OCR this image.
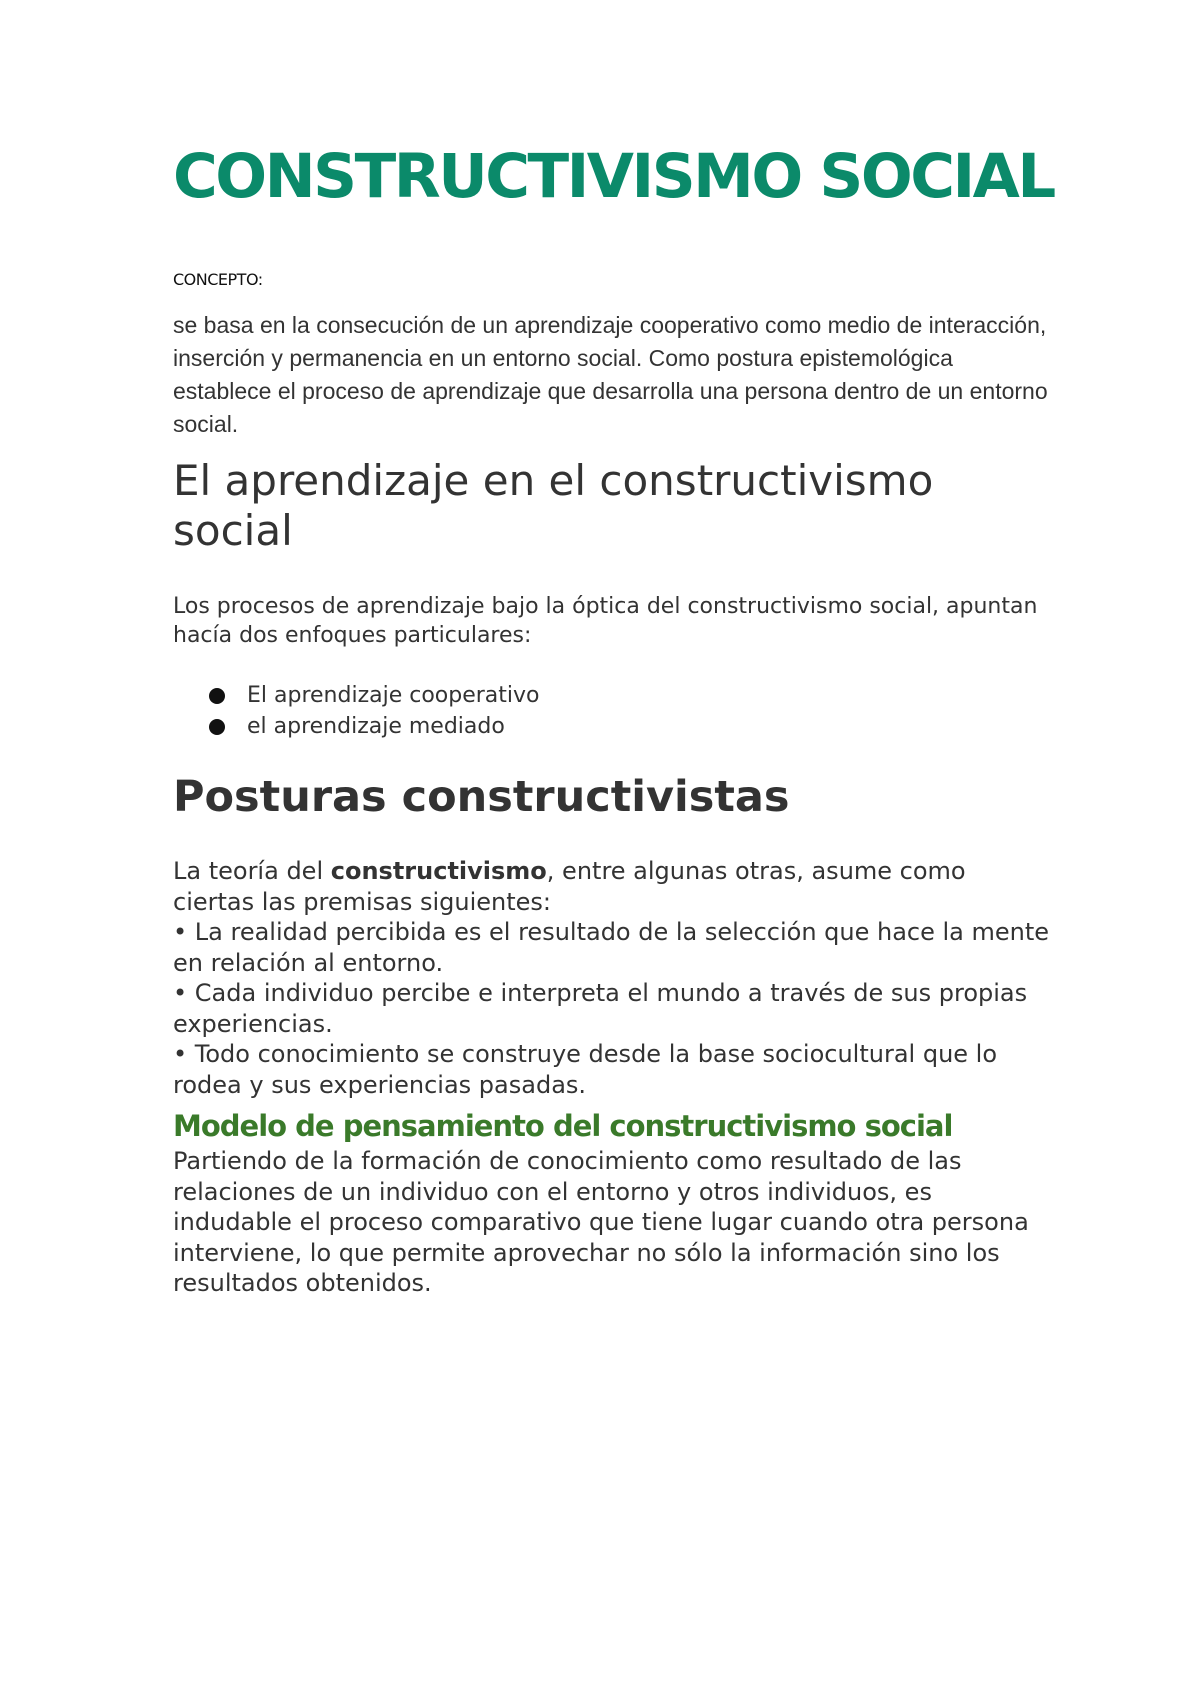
CONSTRUCTIVISMO SOCIAL
CONCEPTO:

se basa en la consecución de un aprendizaje cooperativo como medio de interacción, inserción y permanencia en un entorno social. Como postura epistemológica establece el proceso de aprendizaje que desarrolla una persona dentro de un entorno social.

El aprendizaje en el constructivismo social

Los procesos de aprendizaje bajo la óptica del constructivismo social, apuntan hacía dos enfoques particulares:

El aprendizaje cooperativo
el aprendizaje mediado
Posturas constructivistas

La teoría del constructivismo, entre algunas otras, asume como ciertas las premisas siguientes:
• La realidad percibida es el resultado de la selección que hace la mente en relación al entorno.
• Cada individuo percibe e interpreta el mundo a través de sus propias experiencias.
• Todo conocimiento se construye desde la base sociocultural que lo rodea y sus experiencias pasadas.

Modelo de pensamiento del constructivismo social

Partiendo de la formación de conocimiento como resultado de las relaciones de un individuo con el entorno y otros individuos, es indudable el proceso comparativo que tiene lugar cuando otra persona interviene, lo que permite aprovechar no sólo la información sino los resultados obtenidos.
